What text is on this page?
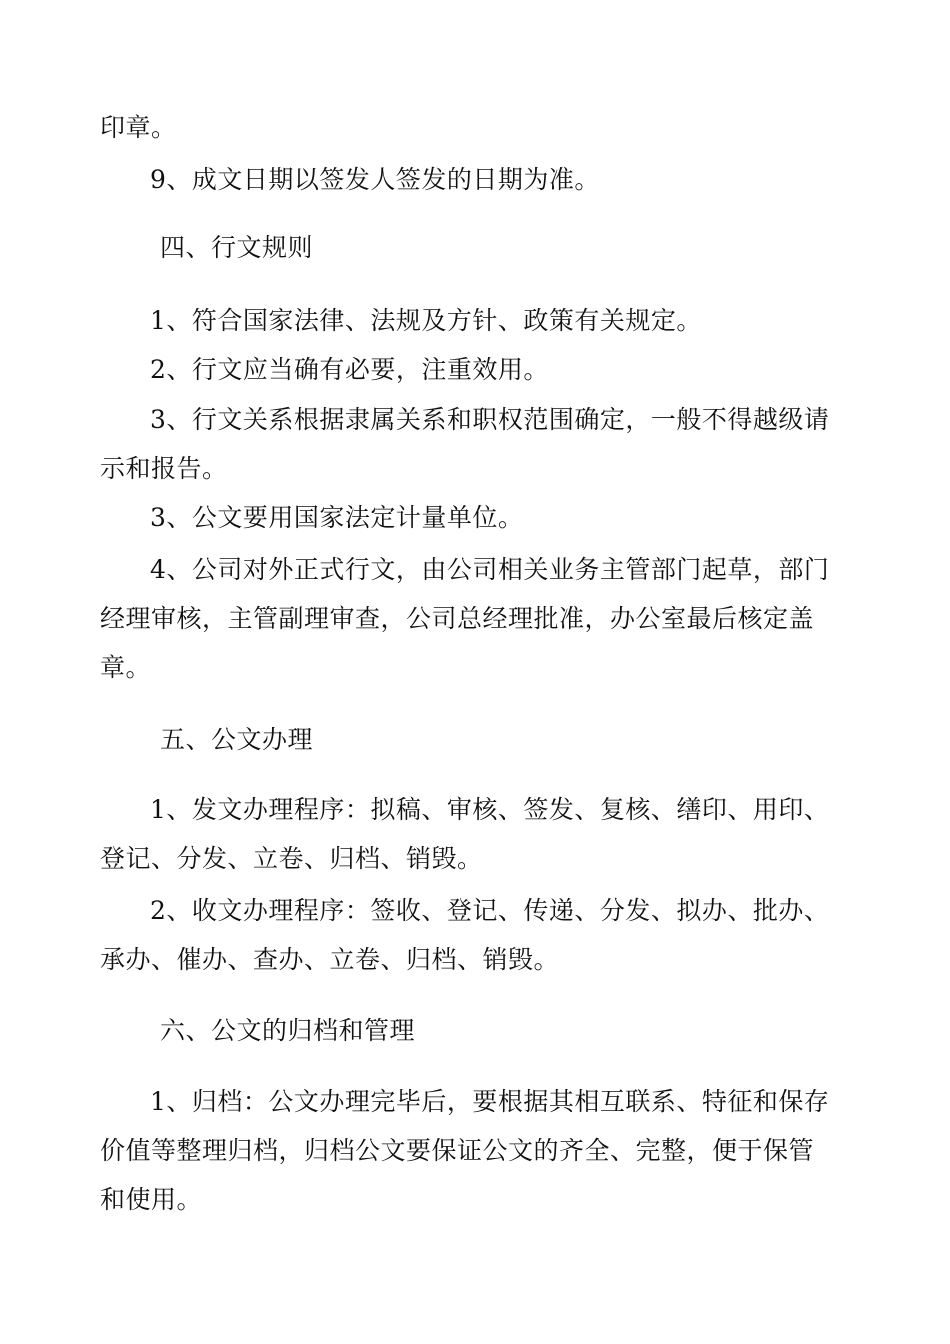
印章。
9、成文日期以签发人签发的日期为准。
四、行文规则
1、符合国家法律、法规及方针、政策有关规定。
2、行文应当确有必要，注重效用。
3、行文关系根据隶属关系和职权范围确定，一般不得越级请
示和报告。
3、公文要用国家法定计量单位。
4、公司对外正式行文，由公司相关业务主管部门起草，部门
经理审核，主管副理审查，公司总经理批准，办公室最后核定盖
章。
五、公文办理
1、发文办理程序：拟稿、审核、签发、复核、缮印、用印、
登记、分发、立卷、归档、销毁。
2、收文办理程序：签收、登记、传递、分发、拟办、批办、
承办、催办、查办、立卷、归档、销毁。
六、公文的归档和管理
1、归档：公文办理完毕后，要根据其相互联系、特征和保存
价值等整理归档，归档公文要保证公文的齐全、完整，便于保管
和使用。
